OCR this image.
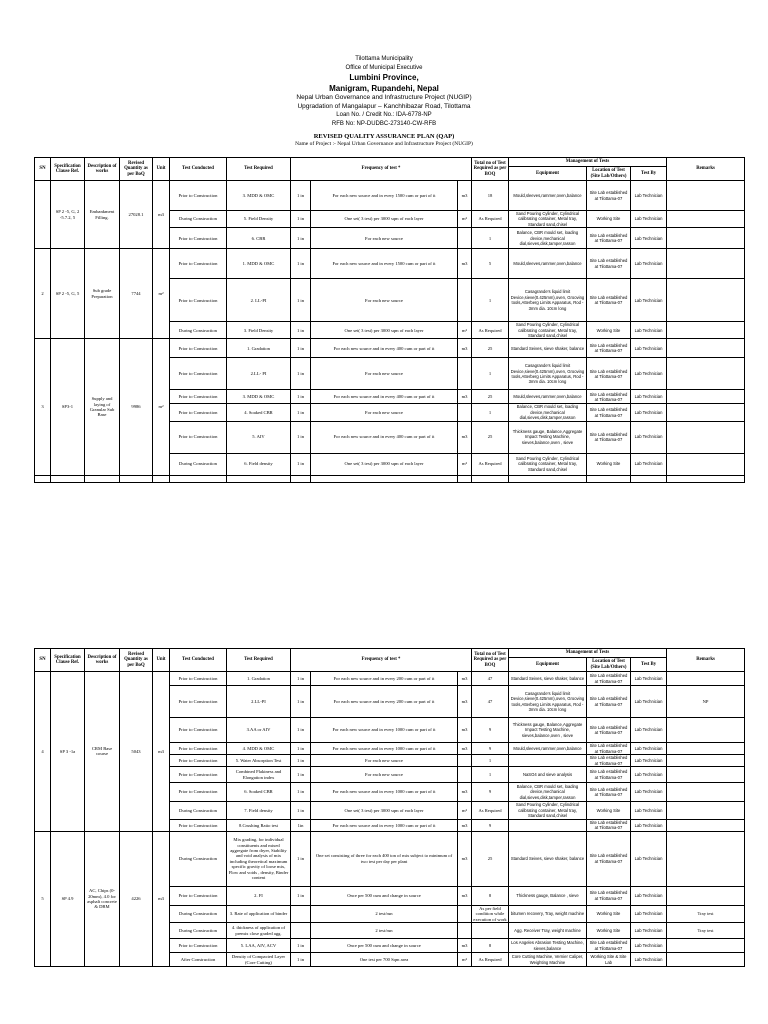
Tilottama Municipality
Office of Municipal Executive
Lumbini Province,
Manigram, Rupandehi, Nepal
Nepal Urban Governance and Infrastructure Project (NUGIP)
Upgradation of Mangalapur – Kanchhibazar Road, Tilottama
Loan No. / Credit No.: IDA-6778-NP
RFB No: NP-DUDBC-273140-CW-RFB
REVISED QUALITY ASSURANCE PLAN (QAP)
Name of Project :- Nepal Urban Governance and Infrastructure Project (NUGIP)
SN	Specification Clause Ref.	Description of works	Revised Quantity as per BoQ	Unit	Test Conducted	Test Required	Frequency of test *			Total no of Test Required as per BOQ	Management of Tests			Remarks
											Equipment	Location of Test (Site Lab/Others)	Test By	
	SP 2 -5, G, 2 -5.7.2, 5	Embankment Filling.	27028.1	m3	Prior to Construction	3. MDD & OMC	1 in	For each new source and in every 1500 cum or part of it	m3	18	Mould,sleeves,rammer,oven,balance	Site Lab established at Tilottama-07	Lab Technician	
					During Construction	5. Field Density	1 in	One set( 3 test) per 3000 sqm of each layer	m²	As Required	Sand Pouring Cylinder, Cylindrical calibrating container, Metal tray, Standard sand,chisel	Working Site	Lab Technician	
					Prior to Construction	6. CBR	1 in	For each new source		1	Balance, CBR mould set, loading device,mechanical dial,sieves,disk,tamper,rasson	Site Lab established at Tilottama-07	Lab Technician	
2	SP 2 -5, G, 5	Sub grade Preparation	7744	m²	Prior to Construction	1. MDD & OMC	1 in	For each new source and in every 1500 cum or part of it	m3	5	Mould,sleeves,rammer,oven,balance	Site Lab established at Tilottama-07	Lab Technician	
					Prior to Construction	2. LL-PI	1 in	For each new source		1	Casagrande's liquid limit Device,sieve(0.425mm),oven, Grooving tools,Atterberg Limits Apparatus, Rod - 3mm dia. 10cm long	Site Lab established at Tilottama-07	Lab Technician	
					During Construction	3. Field Density	1 in	One set( 3 test) per 3000 sqm of each layer	m²	As Required	Sand Pouring Cylinder, Cylindrical calibrating container, Metal tray, Standard sand,chisel	Working Site	Lab Technician	
3	SP3-1	Supply and laying of Granular Sub Base	9986	m²	Prior to Construction	1. Gradation	1 in	For each new source and in every 400 cum or part of it	m3	25	Standard Seives, sieve shaker, balance	Site Lab established at Tilottama-07	Lab Technician	
					Prior to Construction	2.LL- PI	1 in	For each new source		1	Casagrande's liquid limit Device,sieve(0.425mm),oven, Grooving tools,Atterberg Limits Apparatus, Rod - 3mm dia. 10cm long	Site Lab established at Tilottama-07	Lab Technician	
					Prior to Construction	3. MDD & OMC	1 in	For each new source and in every 400 cum or part of it	m3	25	Mould,sleeves,rammer,oven,balance	Site Lab established at Tilottama-07	Lab Technician	
					Prior to Construction	4. Soaked CBR	1 in	For each new source		1	Balance, CBR mould set, loading device,mechanical dial,sieves,disk,tamper,rasson	Site Lab established at Tilottama-07	Lab Technician	
					Prior to Construction	5. AIV	1 in	For each new source and in every 400 cum or part of it	m3	25	Thickness gauge, Balance,Aggregate Impact Testing Machine, sieves,balance,oven , sieve	Site Lab established at Tilottama-07	Lab Technician	
					During Construction	6. Field density	1 in	One set( 3 test) per 3000 sqm of each layer	m²	As Required	Sand Pouring Cylinder, Cylindrical calibrating container, Metal tray, Standard sand,chisel	Working Site	Lab Technician	

SN	Specification Clause Ref.	Description of works	Revised Quantity as per BoQ	Unit	Test Conducted	Test Required	Frequency of test *			Total no of Test Required as per BOQ	Management of Tests			Remarks
											Equipment	Location of Test (Site Lab/Others)	Test By	
4	SP 3 -1a	CRM Base course	5043	m3	Prior to Construction	1. Gradation	1 in	For each new source and in every 200 cum or part of it	m3	47	Standard Seives, sieve shaker, balance	Site Lab established at Tilottama-07	Lab Technician	
					Prior to Construction	2.LL-PI	1 in	For each new source and in every 200 cum or part of it	m3	47	Casagrande's liquid limit Device,sieve(0.425mm),oven, Grooving tools,Atterberg Limits Apparatus, Rod - 3mm dia. 10cm long	Site Lab established at Tilottama-07	Lab Technician	NP
					Prior to Construction	3.AA or AIV	1 in	For each new source and in every 1000 cum or part of it	m3	9	Thickness gauge, Balance,Aggregate Impact Testing Machine, sieves,balance,oven , sieve	Site Lab established at Tilottama-07	Lab Technician	
					Prior to Construction	4. MDD & OMC	1 in	For each new source and in every 1000 cum or part of it	m3	9	Mould,sleeves,rammer,oven,balance	Site Lab established at Tilottama-07	Lab Technician	
					Prior to Construction	5. Water Absorption Test	1 in	For each new source		1		Site Lab established at Tilottama-07	Lab Technician	
					Prior to Construction	Combined Flakiness and Elongation index	1 in	For each new source		1	NaSO4 and sieve analysis	Site Lab established at Tilottama-07	Lab Technician	
					Prior to Construction	6. Soaked CBR	1 in	For each new source and in every 1000 cum or part of it	m3	9	Balance, CBR mould set, loading device,mechanical dial,sieves,disk,tamper,rasson	Site Lab established at Tilottama-07	Lab Technician	
					During Construction	7. Field density	1 in	One set( 3 test) per 3000 sqm of each layer	m²	As Required	Sand Pouring Cylinder, Cylindrical calibrating container, Metal tray, Standard sand,chisel	Working Site	Lab Technician	
					Prior to Construction	8.Crushing Ratio test	1in	For each new source and in every 1000 cum or part of it	m3	9		Site Lab established at Tilottama-07	Lab Technician	
5	SP 4.9	AC, Chips (0-20mm), 4.0 for asphalt concrete & DBM	4226	m3	During Construction	Mix grading, for individual constituents and mixed aggregate from dryer, Stability and void analysis of mix including theoretical maximum specific gravity of loose mix, Flow and voids , density, Binder content	1 in	One set consisting of three for each 400 ton of mix subject to minimum of two test per day per plant	m3	25	Standard Seives, sieve shaker, balance	Site Lab established at Tilottama-07	Lab Technician	
					Prior to Construction	2. FI	1 in	Once per 500 cum and change in source	m3	8	Thickness gauge, Balance , sieve	Site Lab established at Tilottama-07	Lab Technician	
					During Construction	3. Rate of application of binder		2 test/run		As per field condition while execution of work	bitumen recovery, Tray, weight machine	Working Site	Lab Technician	Tray test
					During Construction	4. thickness of application of premix close graded agg.		2 test/run			Agg. Receiver Tray, weight machine	Working Site	Lab Technician	Tray test
					Prior to Construction	5. LAA, AIV, ACV	1 in	Once per 500 cum and change in source	m3	8	Los Angeles Abrasion Testing Machine, sieves,balance	Site Lab established at Tilottama-07	Lab Technician	
					After Construction	Density of Compacted Layer (Core Cutting)	1 in	One test per 700 Sqm area	m²	As Required	Core Cutting Machine, Vernier Caliper, Weighting Machine	Working Site & Site Lab	Lab Technician	
